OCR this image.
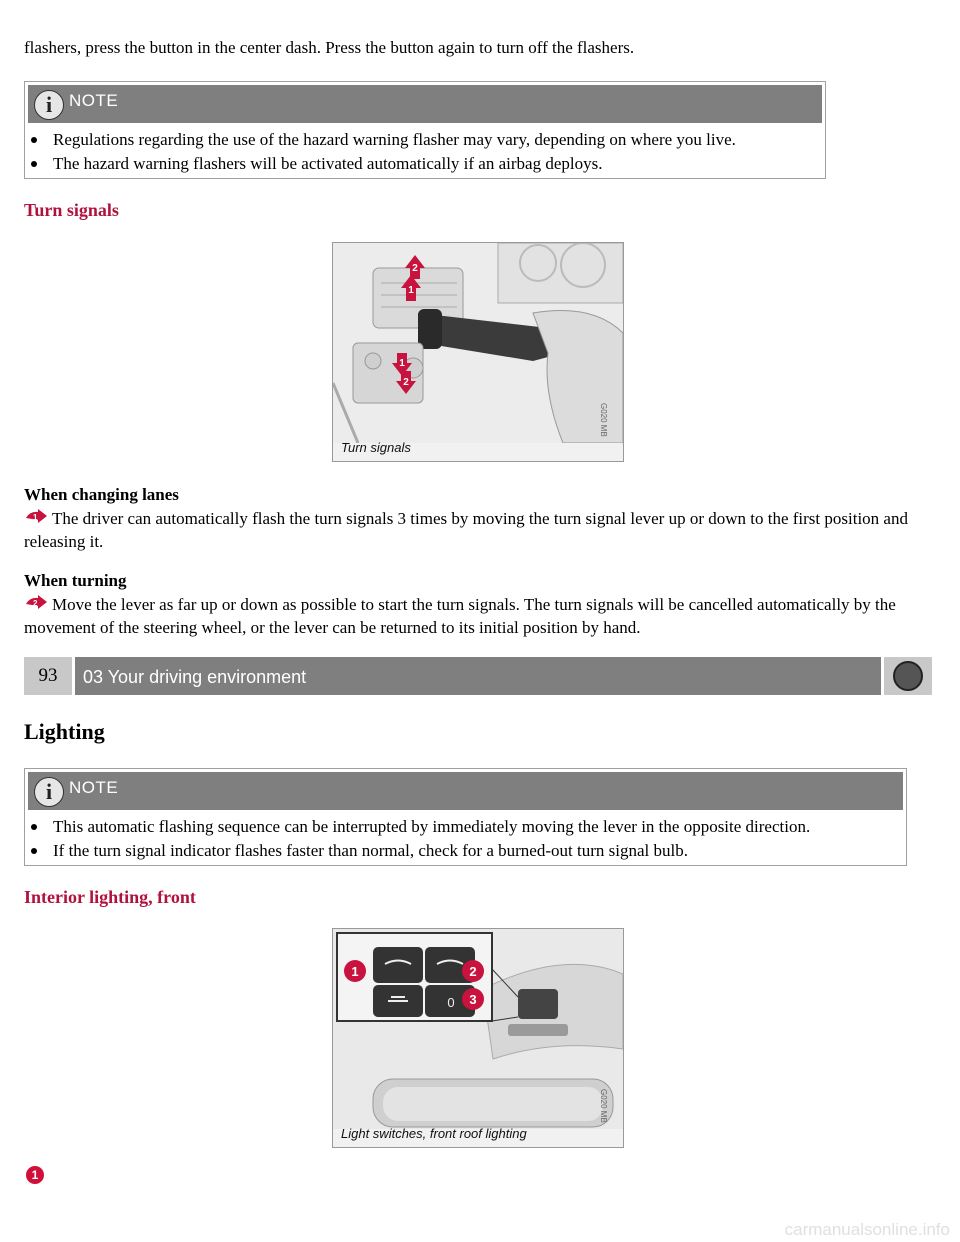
flashers, press the button in the center dash. Press the button again to turn off the flashers.

i NOTE
Regulations regarding the use of the hazard warning flasher may vary, depending on where you live.
The hazard warning flashers will be activated automatically if an airbag deploys.
Turn signals
2
1
1
2
G020 MB
Turn signals
When changing lanes

1 The driver can automatically flash the turn signals 3 times by moving the turn signal lever up or down to the first position and releasing it.

When turning

2 Move the lever as far up or down as possible to start the turn signals. The turn signals will be cancelled automatically by the movement of the steering wheel, or the lever can be returned to its initial position by hand.

93	03 Your driving environment
Lighting
i NOTE
This automatic flashing sequence can be interrupted by immediately moving the lever in the opposite direction.
If the turn signal indicator flashes faster than normal, check for a burned-out turn signal bulb.
Interior lighting, front
0
1	2
3
G020 MB
Light switches, front roof lighting
1
carmanualsonline.info
